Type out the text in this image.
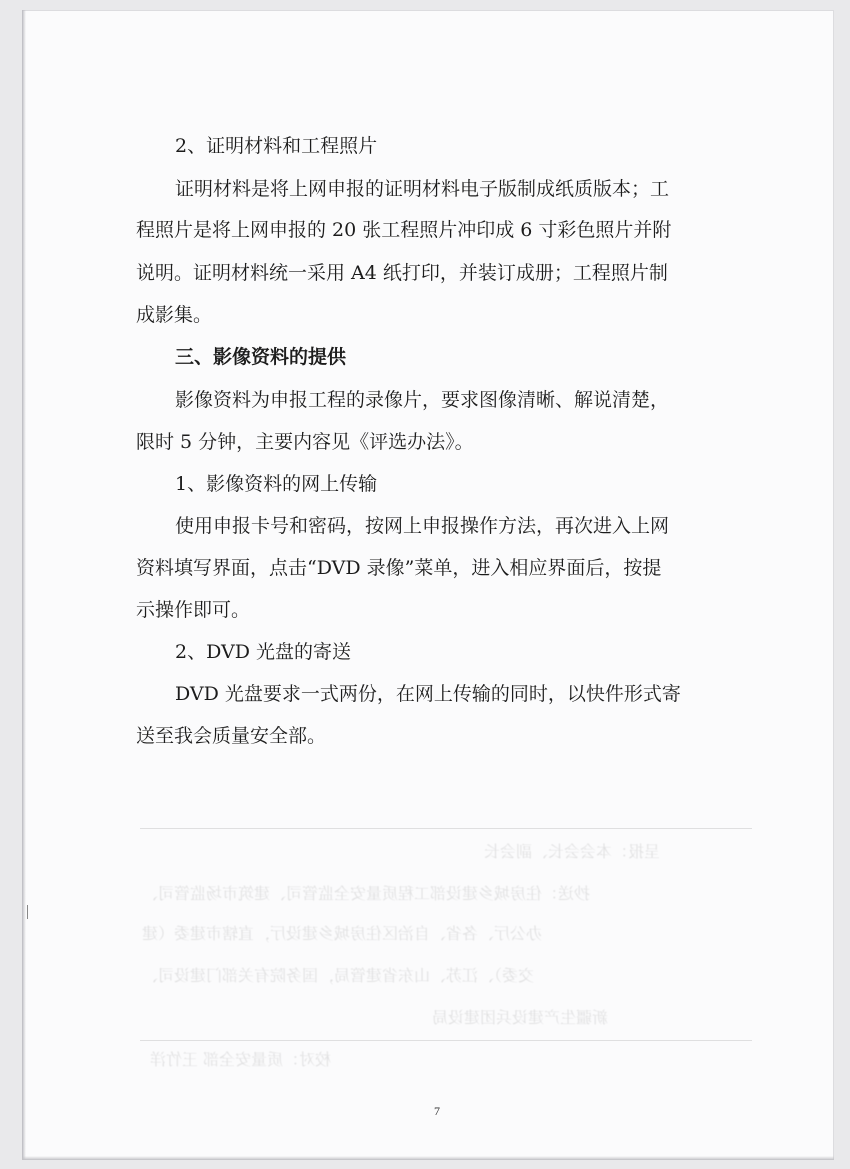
呈报：本会会长、副会长
抄送：住房城乡建设部工程质量安全监管司、建筑市场监管司、
办公厅、各省、自治区住房城乡建设厅，直辖市建委（建
交委）、江苏、山东省建管局，国务院有关部门建设司、
新疆生产建设兵团建设局
校对：质量安全部 王竹洋
2、证明材料和工程照片
证明材料是将上网申报的证明材料电子版制成纸质版本；工
程照片是将上网申报的 20 张工程照片冲印成 6 寸彩色照片并附
说明。证明材料统一采用 A4 纸打印，并装订成册；工程照片制
成影集。
三、影像资料的提供
影像资料为申报工程的录像片，要求图像清晰、解说清楚，
限时 5 分钟，主要内容见《评选办法》。
1、影像资料的网上传输
使用申报卡号和密码，按网上申报操作方法，再次进入上网
资料填写界面，点击“DVD 录像”菜单，进入相应界面后，按提
示操作即可。
2、DVD 光盘的寄送
DVD 光盘要求一式两份，在网上传输的同时，以快件形式寄
送至我会质量安全部。
7
